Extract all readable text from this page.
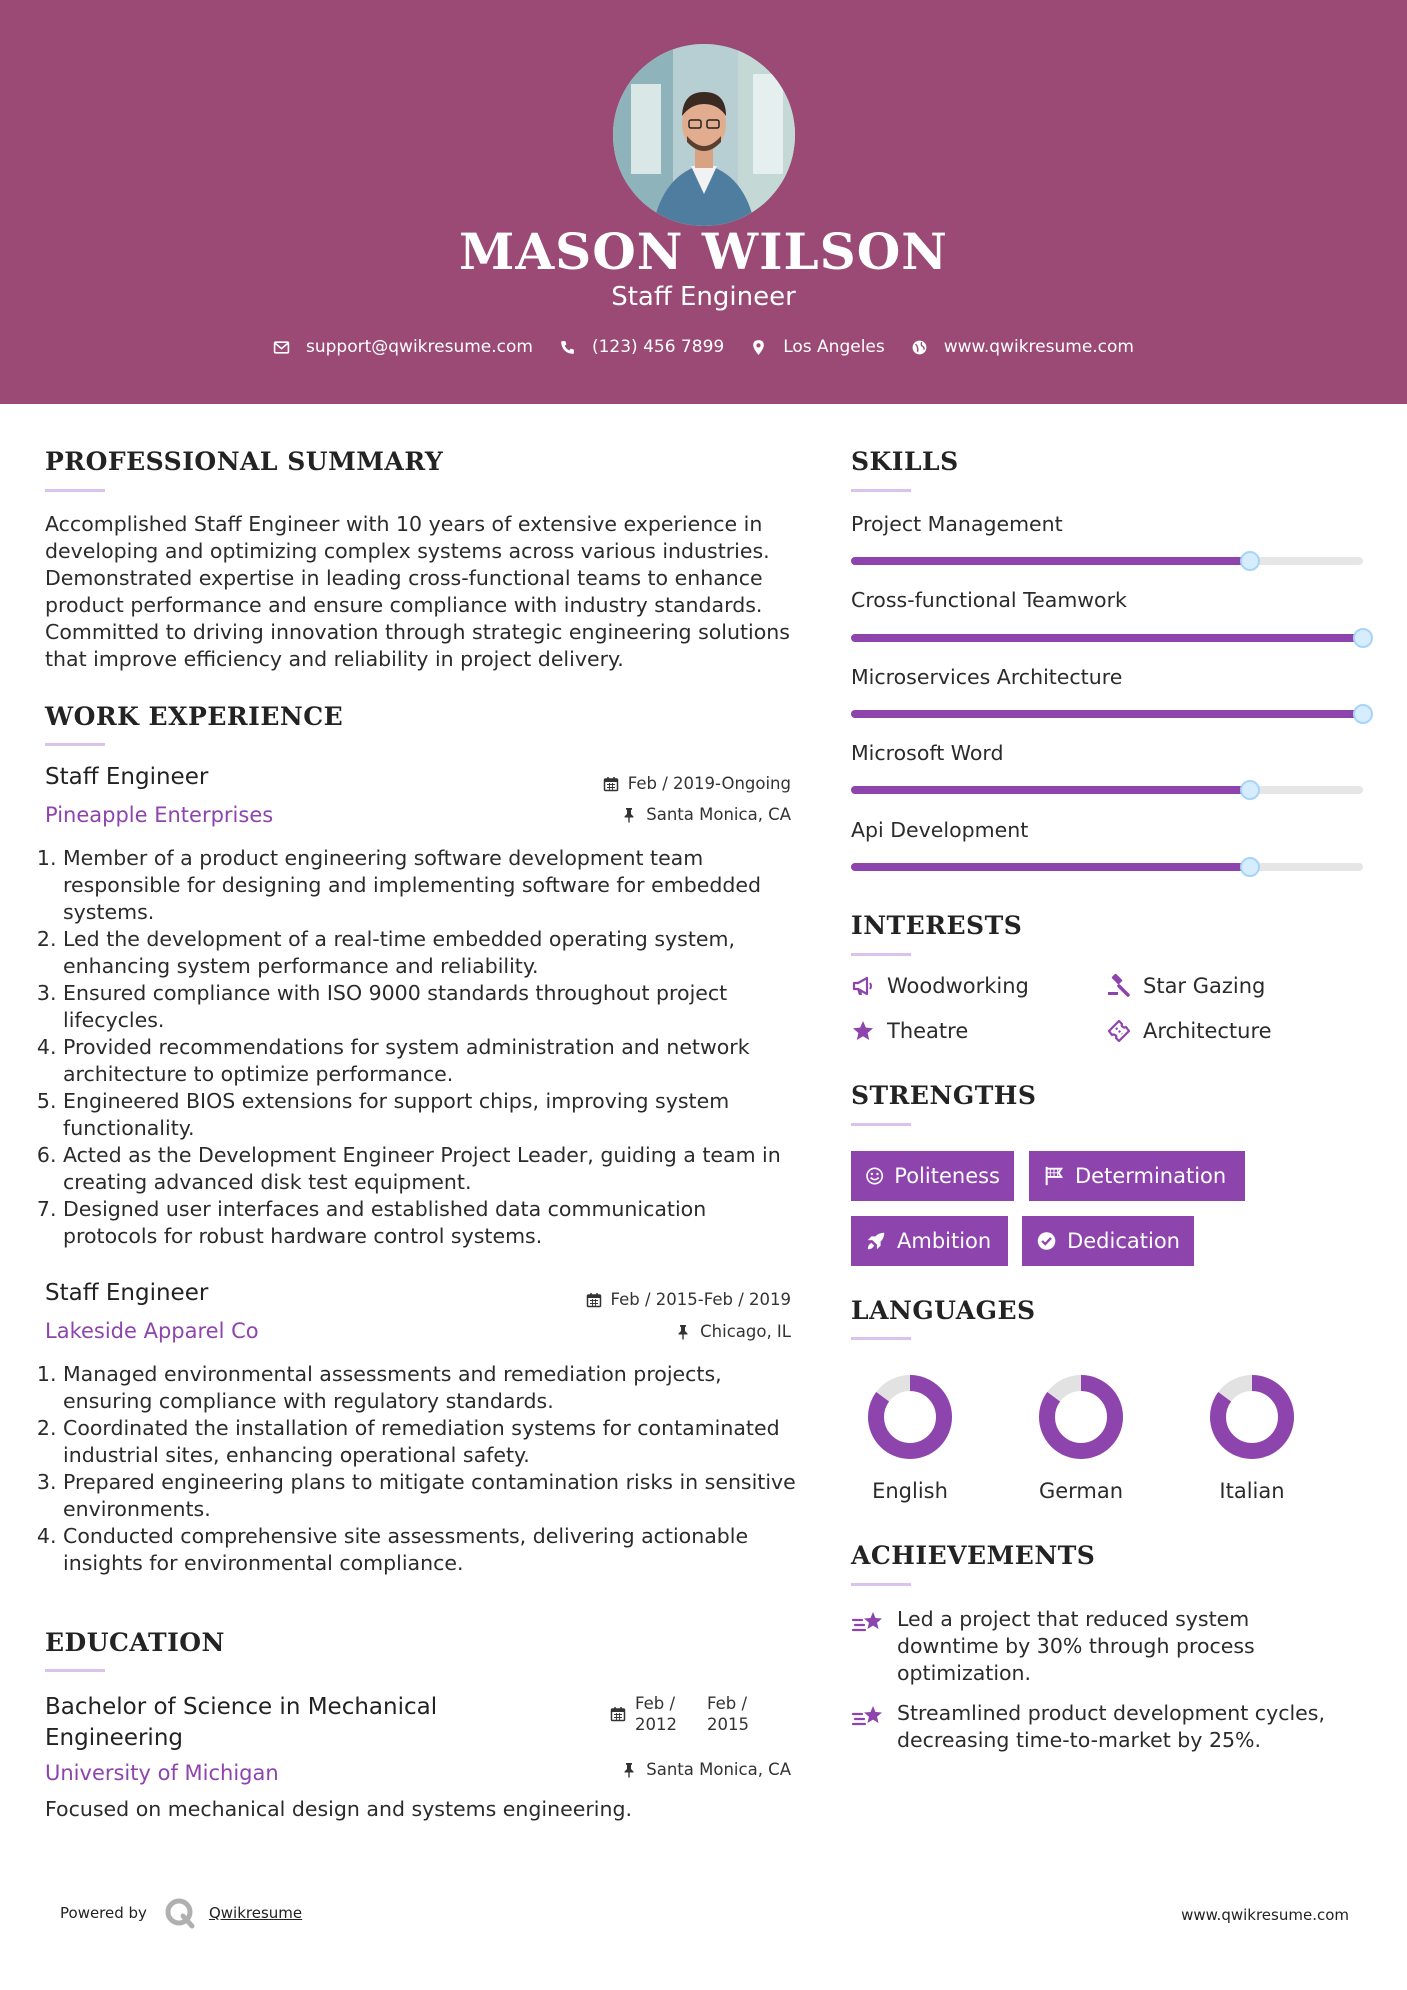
MASON WILSON
Staff Engineer
support@qwikresume.com	(123) 456 7899	Los Angeles	www.qwikresume.com
PROFESSIONAL SUMMARY
Accomplished Staff Engineer with 10 years of extensive experience in developing and optimizing complex systems across various industries. Demonstrated expertise in leading cross-functional teams to enhance product performance and ensure compliance with industry standards. Committed to driving innovation through strategic engineering solutions that improve efficiency and reliability in project delivery.
WORK EXPERIENCE
Staff Engineer
Pineapple Enterprises
Feb / 2019-Ongoing
Santa Monica, CA
1. Member of a product engineering software development team responsible for designing and implementing software for embedded systems.
2. Led the development of a real-time embedded operating system, enhancing system performance and reliability.
3. Ensured compliance with ISO 9000 standards throughout project lifecycles.
4. Provided recommendations for system administration and network architecture to optimize performance.
5. Engineered BIOS extensions for support chips, improving system functionality.
6. Acted as the Development Engineer Project Leader, guiding a team in creating advanced disk test equipment.
7. Designed user interfaces and established data communication protocols for robust hardware control systems.
Staff Engineer
Lakeside Apparel Co
Feb / 2015-Feb / 2019
Chicago, IL
1. Managed environmental assessments and remediation projects, ensuring compliance with regulatory standards.
2. Coordinated the installation of remediation systems for contaminated industrial sites, enhancing operational safety.
3. Prepared engineering plans to mitigate contamination risks in sensitive environments.
4. Conducted comprehensive site assessments, delivering actionable insights for environmental compliance.
EDUCATION
Bachelor of Science in Mechanical
Engineering
University of Michigan
Feb /
2012
Feb /
2015
Santa Monica, CA
Focused on mechanical design and systems engineering.
SKILLS
Project Management
Cross-functional Teamwork
Microservices Architecture
Microsoft Word
Api Development
INTERESTS
Woodworking	Star Gazing
Theatre	Architecture
STRENGTHS
Politeness	Determination
Ambition	Dedication
LANGUAGES
English	German	Italian
ACHIEVEMENTS
Led a project that reduced system downtime by 30% through process optimization.
Streamlined product development cycles, decreasing time-to-market by 25%.
Powered by	Qwikresume	www.qwikresume.com
